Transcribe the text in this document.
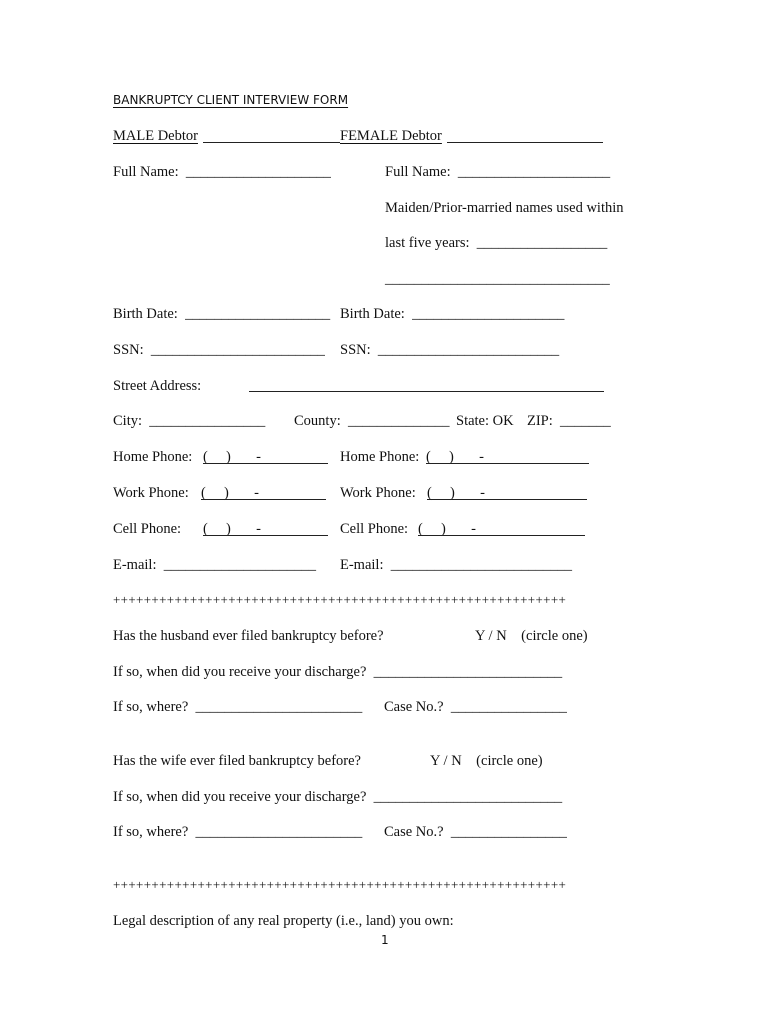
BANKRUPTCY CLIENT INTERVIEW FORM
MALE Debtor	FEMALE Debtor
Full Name:  ____________________	Full Name:  _____________________
Maiden/Prior-married names used within
last five years:  __________________
_______________________________
Birth Date:  ____________________ Birth Date:  _____________________
SSN:  ________________________ SSN:  _________________________
Street Address:
City:  ________________ County:  ______________ State: OK ZIP:  _______
Home Phone: (     )       -	Home Phone: (     )       -
Work Phone: (     )       -	Work Phone: (     )       -
Cell Phone: (     )       -	Cell Phone: (     )       -
E-mail:  _____________________ E-mail:  _________________________
+++++++++++++++++++++++++++++++++++++++++++++++++++++++++++
Has the husband ever filed bankruptcy before?	Y / N    (circle one)
If so, when did you receive your discharge?  __________________________
If so, where?  _______________________ Case No.?  ________________
Has the wife ever filed bankruptcy before?	Y / N    (circle one)
If so, when did you receive your discharge?  __________________________
If so, where?  _______________________ Case No.?  ________________
+++++++++++++++++++++++++++++++++++++++++++++++++++++++++++
Legal description of any real property (i.e., land) you own:
1
